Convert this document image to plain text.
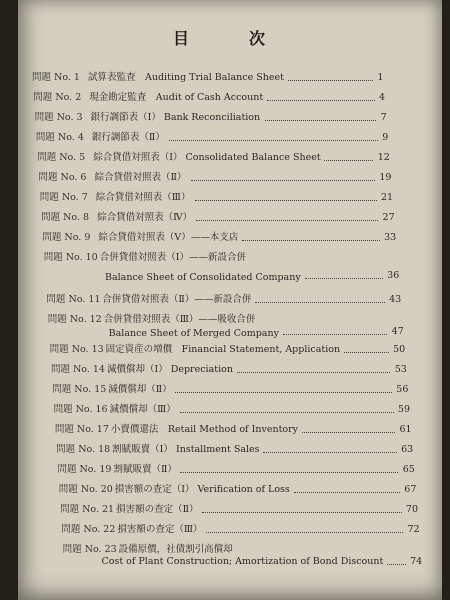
目　次
問題 No. 1 試算表監査　Auditing Trial Balance Sheet	1
問題 No. 2 現金勘定監査　Audit of Cash Account	4
問題 No. 3 銀行調節表（Ⅰ） Bank Reconciliation	7
問題 No. 4 銀行調節表（Ⅱ）	9
問題 No. 5 綜合貸借対照表（Ⅰ） Consolidated Balance Sheet	12
問題 No. 6 綜合貸借対照表（Ⅱ）	19
問題 No. 7 綜合貸借対照表（Ⅲ）	21
問題 No. 8 綜合貸借対照表（Ⅳ）	27
問題 No. 9 綜合貸借対照表（Ⅴ）——本支店	33
問題 No. 10 合併貸借対照表（Ⅰ）——新設合併
Balance Sheet of Consolidated Company	36
問題 No. 11 合併貸借対照表（Ⅱ）——新設合併	43
問題 No. 12 合併貸借対照表（Ⅲ）——吸收合併
Balance Sheet of Merged Company	47
問題 No. 13 固定資産の増價　Financial Statement, Application	50
問題 No. 14 減價償却（Ⅰ） Depreciation	53
問題 No. 15 減價償却（Ⅱ）	56
問題 No. 16 減價償却（Ⅲ）	59
問題 No. 17 小賣價還法　Retail Method of Inventory	61
問題 No. 18 割賦販賣（Ⅰ） Installment Sales	63
問題 No. 19 割賦販賣（Ⅱ）	65
問題 No. 20 損害額の查定（Ⅰ） Verification of Loss	67
問題 No. 21 損害額の查定（Ⅱ）	70
問題 No. 22 損害額の查定（Ⅲ）	72
問題 No. 23 設備原價，社債割引高償却
Cost of Plant Construction; Amortization of Bond Discount	74
